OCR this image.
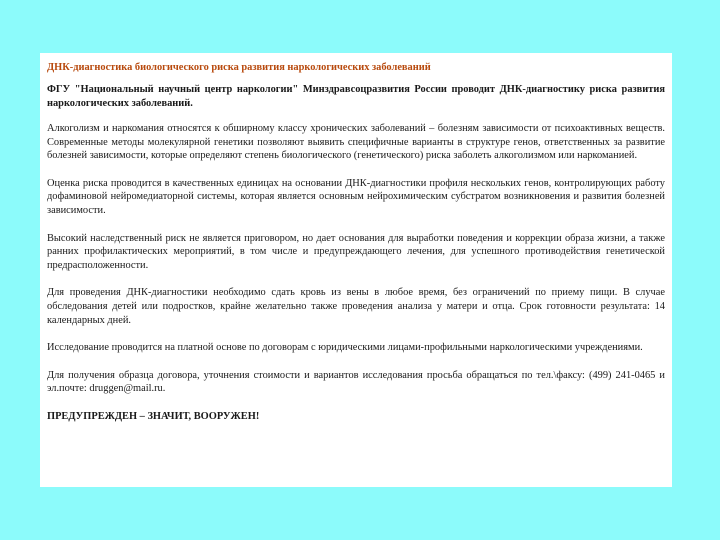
ДНК-диагностика биологического риска развития наркологических заболеваний
ФГУ "Национальный научный центр наркологии" Минздравсоцразвития России проводит ДНК-диагностику риска развития наркологических заболеваний.
Алкоголизм и наркомания относятся к обширному классу хронических заболеваний – болезням зависимости от психоактивных веществ. Современные методы молекулярной генетики позволяют выявить специфичные варианты в структуре генов, ответственных за развитие болезней зависимости, которые определяют степень биологического (генетического) риска заболеть алкоголизмом или наркоманией.
Оценка риска проводится в качественных единицах на основании ДНК-диагностики профиля нескольких генов, контролирующих работу дофаминовой нейромедиаторной системы, которая является основным нейрохимическим субстратом возникновения и развития болезней зависимости.
Высокий наследственный риск не является приговором, но дает основания для выработки поведения и коррекции образа жизни, а также ранних профилактических мероприятий, в том числе и предупреждающего лечения, для успешного противодействия генетической предрасположенности.
Для проведения ДНК-диагностики необходимо сдать кровь из вены в любое время, без ограничений по приему пищи. В случае обследования детей или подростков, крайне желательно также проведения анализа у матери и отца. Срок готовности результата: 14 календарных дней.
Исследование проводится на платной основе по договорам с юридическими лицами-профильными наркологическими учреждениями.
Для получения образца договора, уточнения стоимости и вариантов исследования просьба обращаться по тел.\факсу: (499) 241-0465 и эл.почте: druggen@mail.ru.
ПРЕДУПРЕЖДЕН – ЗНАЧИТ, ВООРУЖЕН!
